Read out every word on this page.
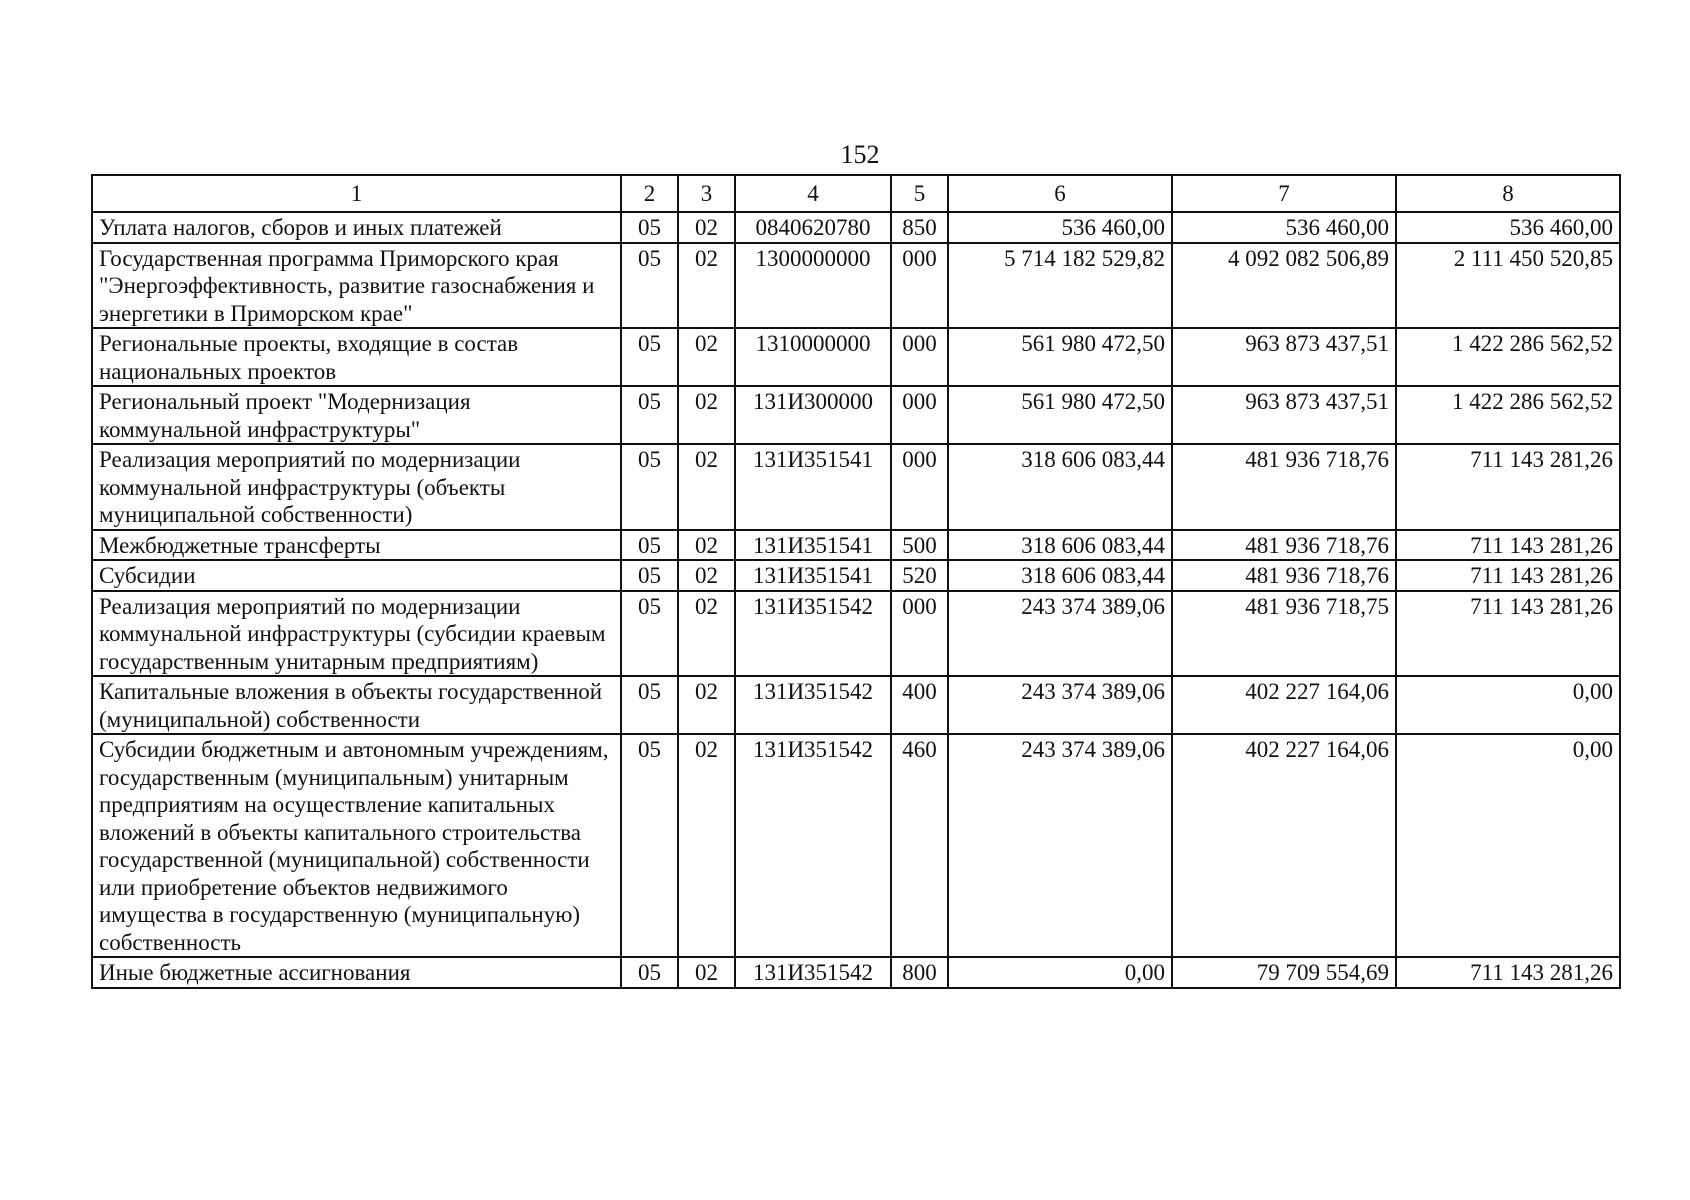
152
1	2	3	4	5	6	7	8
Уплата налогов, сборов и иных платежей	05	02	0840620780	850	536 460,00	536 460,00	536 460,00
Государственная программа Приморского края "Энергоэффективность, развитие газоснабжения и энергетики в Приморском крае"	05	02	1300000000	000	5 714 182 529,82	4 092 082 506,89	2 111 450 520,85
Региональные проекты, входящие в состав национальных проектов	05	02	1310000000	000	561 980 472,50	963 873 437,51	1 422 286 562,52
Региональный проект "Модернизация коммунальной инфраструктуры"	05	02	131И300000	000	561 980 472,50	963 873 437,51	1 422 286 562,52
Реализация мероприятий по модернизации коммунальной инфраструктуры (объекты муниципальной собственности)	05	02	131И351541	000	318 606 083,44	481 936 718,76	711 143 281,26
Межбюджетные трансферты	05	02	131И351541	500	318 606 083,44	481 936 718,76	711 143 281,26
Субсидии	05	02	131И351541	520	318 606 083,44	481 936 718,76	711 143 281,26
Реализация мероприятий по модернизации коммунальной инфраструктуры (субсидии краевым государственным унитарным предприятиям)	05	02	131И351542	000	243 374 389,06	481 936 718,75	711 143 281,26
Капитальные вложения в объекты государственной (муниципальной) собственности	05	02	131И351542	400	243 374 389,06	402 227 164,06	0,00
Субсидии бюджетным и автономным учреждениям, государственным (муниципальным) унитарным предприятиям на осуществление капитальных вложений в объекты капитального строительства государственной (муниципальной) собственности или приобретение объектов недвижимого имущества в государственную (муниципальную) собственность	05	02	131И351542	460	243 374 389,06	402 227 164,06	0,00
Иные бюджетные ассигнования	05	02	131И351542	800	0,00	79 709 554,69	711 143 281,26
